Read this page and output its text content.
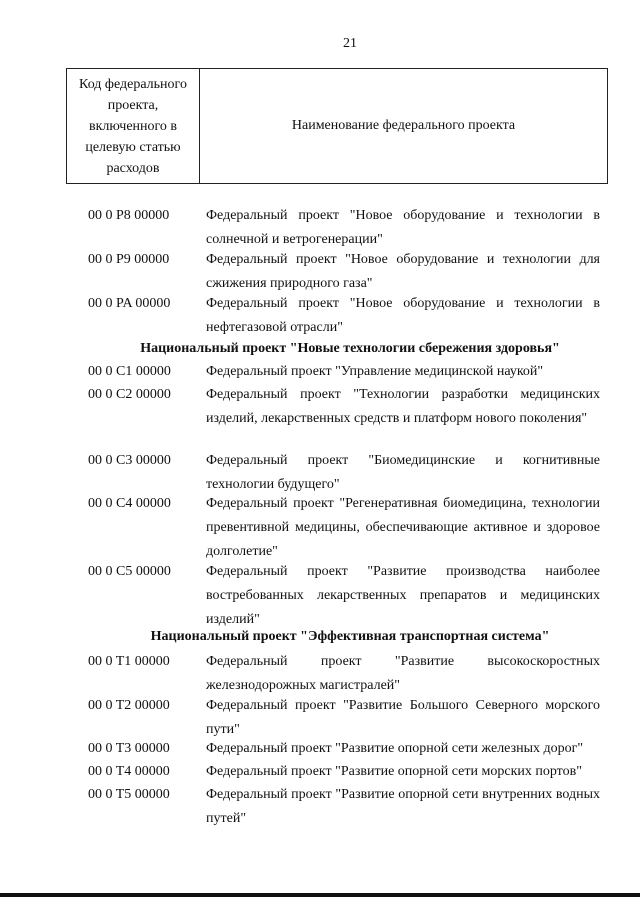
21
Код федерального проекта, включенного в целевую статью расходов
Наименование федерального проекта
00 0 P8 00000	Федеральный проект "Новое оборудование и технологии в солнечной и ветрогенерации"
00 0 P9 00000	Федеральный проект "Новое оборудование и технологии для сжижения природного газа"
00 0 PA 00000	Федеральный проект "Новое оборудование и технологии в нефтегазовой отрасли"
Национальный проект "Новые технологии сбережения здоровья"
00 0 C1 00000	Федеральный проект "Управление медицинской наукой"
00 0 C2 00000	Федеральный проект "Технологии разработки медицинских изделий, лекарственных средств и платформ нового поколения"
00 0 C3 00000	Федеральный проект "Биомедицинские и когнитивные технологии будущего"
00 0 C4 00000	Федеральный проект "Регенеративная биомедицина, технологии превентивной медицины, обеспечивающие активное и здоровое долголетие"
00 0 C5 00000	Федеральный проект "Развитие производства наиболее востребованных лекарственных препаратов и медицинских изделий"
Национальный проект "Эффективная транспортная система"
00 0 T1 00000	Федеральный проект "Развитие высокоскоростных железнодорожных магистралей"
00 0 T2 00000	Федеральный проект "Развитие Большого Северного морского пути"
00 0 T3 00000	Федеральный проект "Развитие опорной сети железных дорог"
00 0 T4 00000	Федеральный проект "Развитие опорной сети морских портов"
00 0 T5 00000	Федеральный проект "Развитие опорной сети внутренних водных путей"
